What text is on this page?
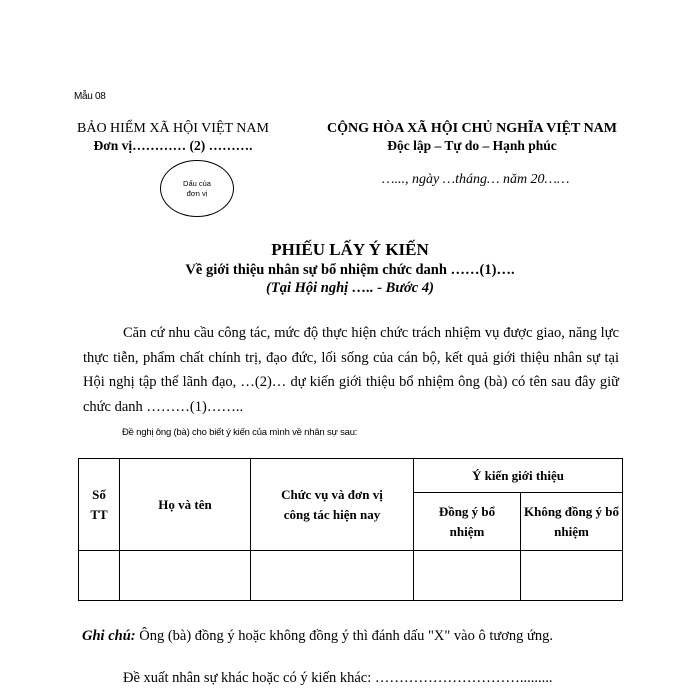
Mẫu 08
BẢO HIỂM XÃ HỘI VIỆT NAM
Đơn vị………… (2) ……….
Dấu của đơn vị
CỘNG HÒA XÃ HỘI CHỦ NGHĨA VIỆT NAM
Độc lập – Tự do – Hạnh phúc
…..., ngày …tháng… năm 20……
PHIẾU LẤY Ý KIẾN
Về giới thiệu nhân sự bổ nhiệm chức danh ……(1)….
(Tại Hội nghị ….. - Bước 4)
Căn cứ nhu cầu công tác, mức độ thực hiện chức trách nhiệm vụ được giao, năng lực thực tiễn, phẩm chất chính trị, đạo đức, lối sống của cán bộ, kết quả giới thiệu nhân sự tại Hội nghị tập thể lãnh đạo, …(2)… dự kiến giới thiệu bổ nhiệm ông (bà) có tên sau đây giữ chức danh ………(1)……..
Đề nghị ông (bà) cho biết ý kiến của mình về nhân sự sau:
Số TT	Họ và tên	Chức vụ và đơn vị công tác hiện nay	Ý kiến giới thiệu	
			Đồng ý bổ nhiệm	Không đồng ý bổ nhiệm

Ghi chú: Ông (bà) đồng ý hoặc không đồng ý thì đánh dấu "X" vào ô tương ứng.
Đề xuất nhân sự khác hoặc có ý kiến khác: ………………………….........
